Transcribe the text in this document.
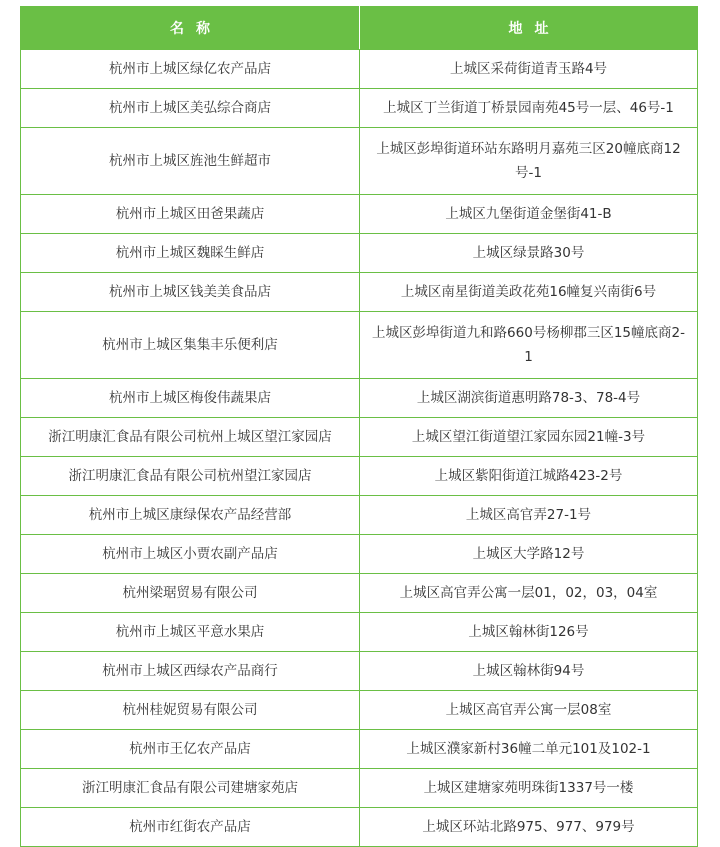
名称	地址
杭州市上城区绿亿农产品店	上城区采荷街道青玉路4号
杭州市上城区美弘综合商店	上城区丁兰街道丁桥景园南苑45号一层、46号-1
杭州市上城区旌池生鲜超市	上城区彭埠街道环站东路明月嘉苑三区20幢底商12号-1
杭州市上城区田爸果蔬店	上城区九堡街道金堡街41-B
杭州市上城区魏睬生鲜店	上城区绿景路30号
杭州市上城区钱美美食品店	上城区南星街道美政花苑16幢复兴南街6号
杭州市上城区集集丰乐便利店	上城区彭埠街道九和路660号杨柳郡三区15幢底商2-1
杭州市上城区梅俊伟蔬果店	上城区湖滨街道惠明路78-3、78-4号
浙江明康汇食品有限公司杭州上城区望江家园店	上城区望江街道望江家园东园21幢-3号
浙江明康汇食品有限公司杭州望江家园店	上城区紫阳街道江城路423-2号
杭州市上城区康绿保农产品经营部	上城区高官弄27-1号
杭州市上城区小贾农副产品店	上城区大学路12号
杭州梁琚贸易有限公司	上城区高官弄公寓一层01，02，03，04室
杭州市上城区平意水果店	上城区翰林街126号
杭州市上城区西绿农产品商行	上城区翰林街94号
杭州桂妮贸易有限公司	上城区高官弄公寓一层08室
杭州市王亿农产品店	上城区濮家新村36幢二单元101及102-1
浙江明康汇食品有限公司建塘家苑店	上城区建塘家苑明珠街1337号一楼
杭州市红街农产品店	上城区环站北路975、977、979号
